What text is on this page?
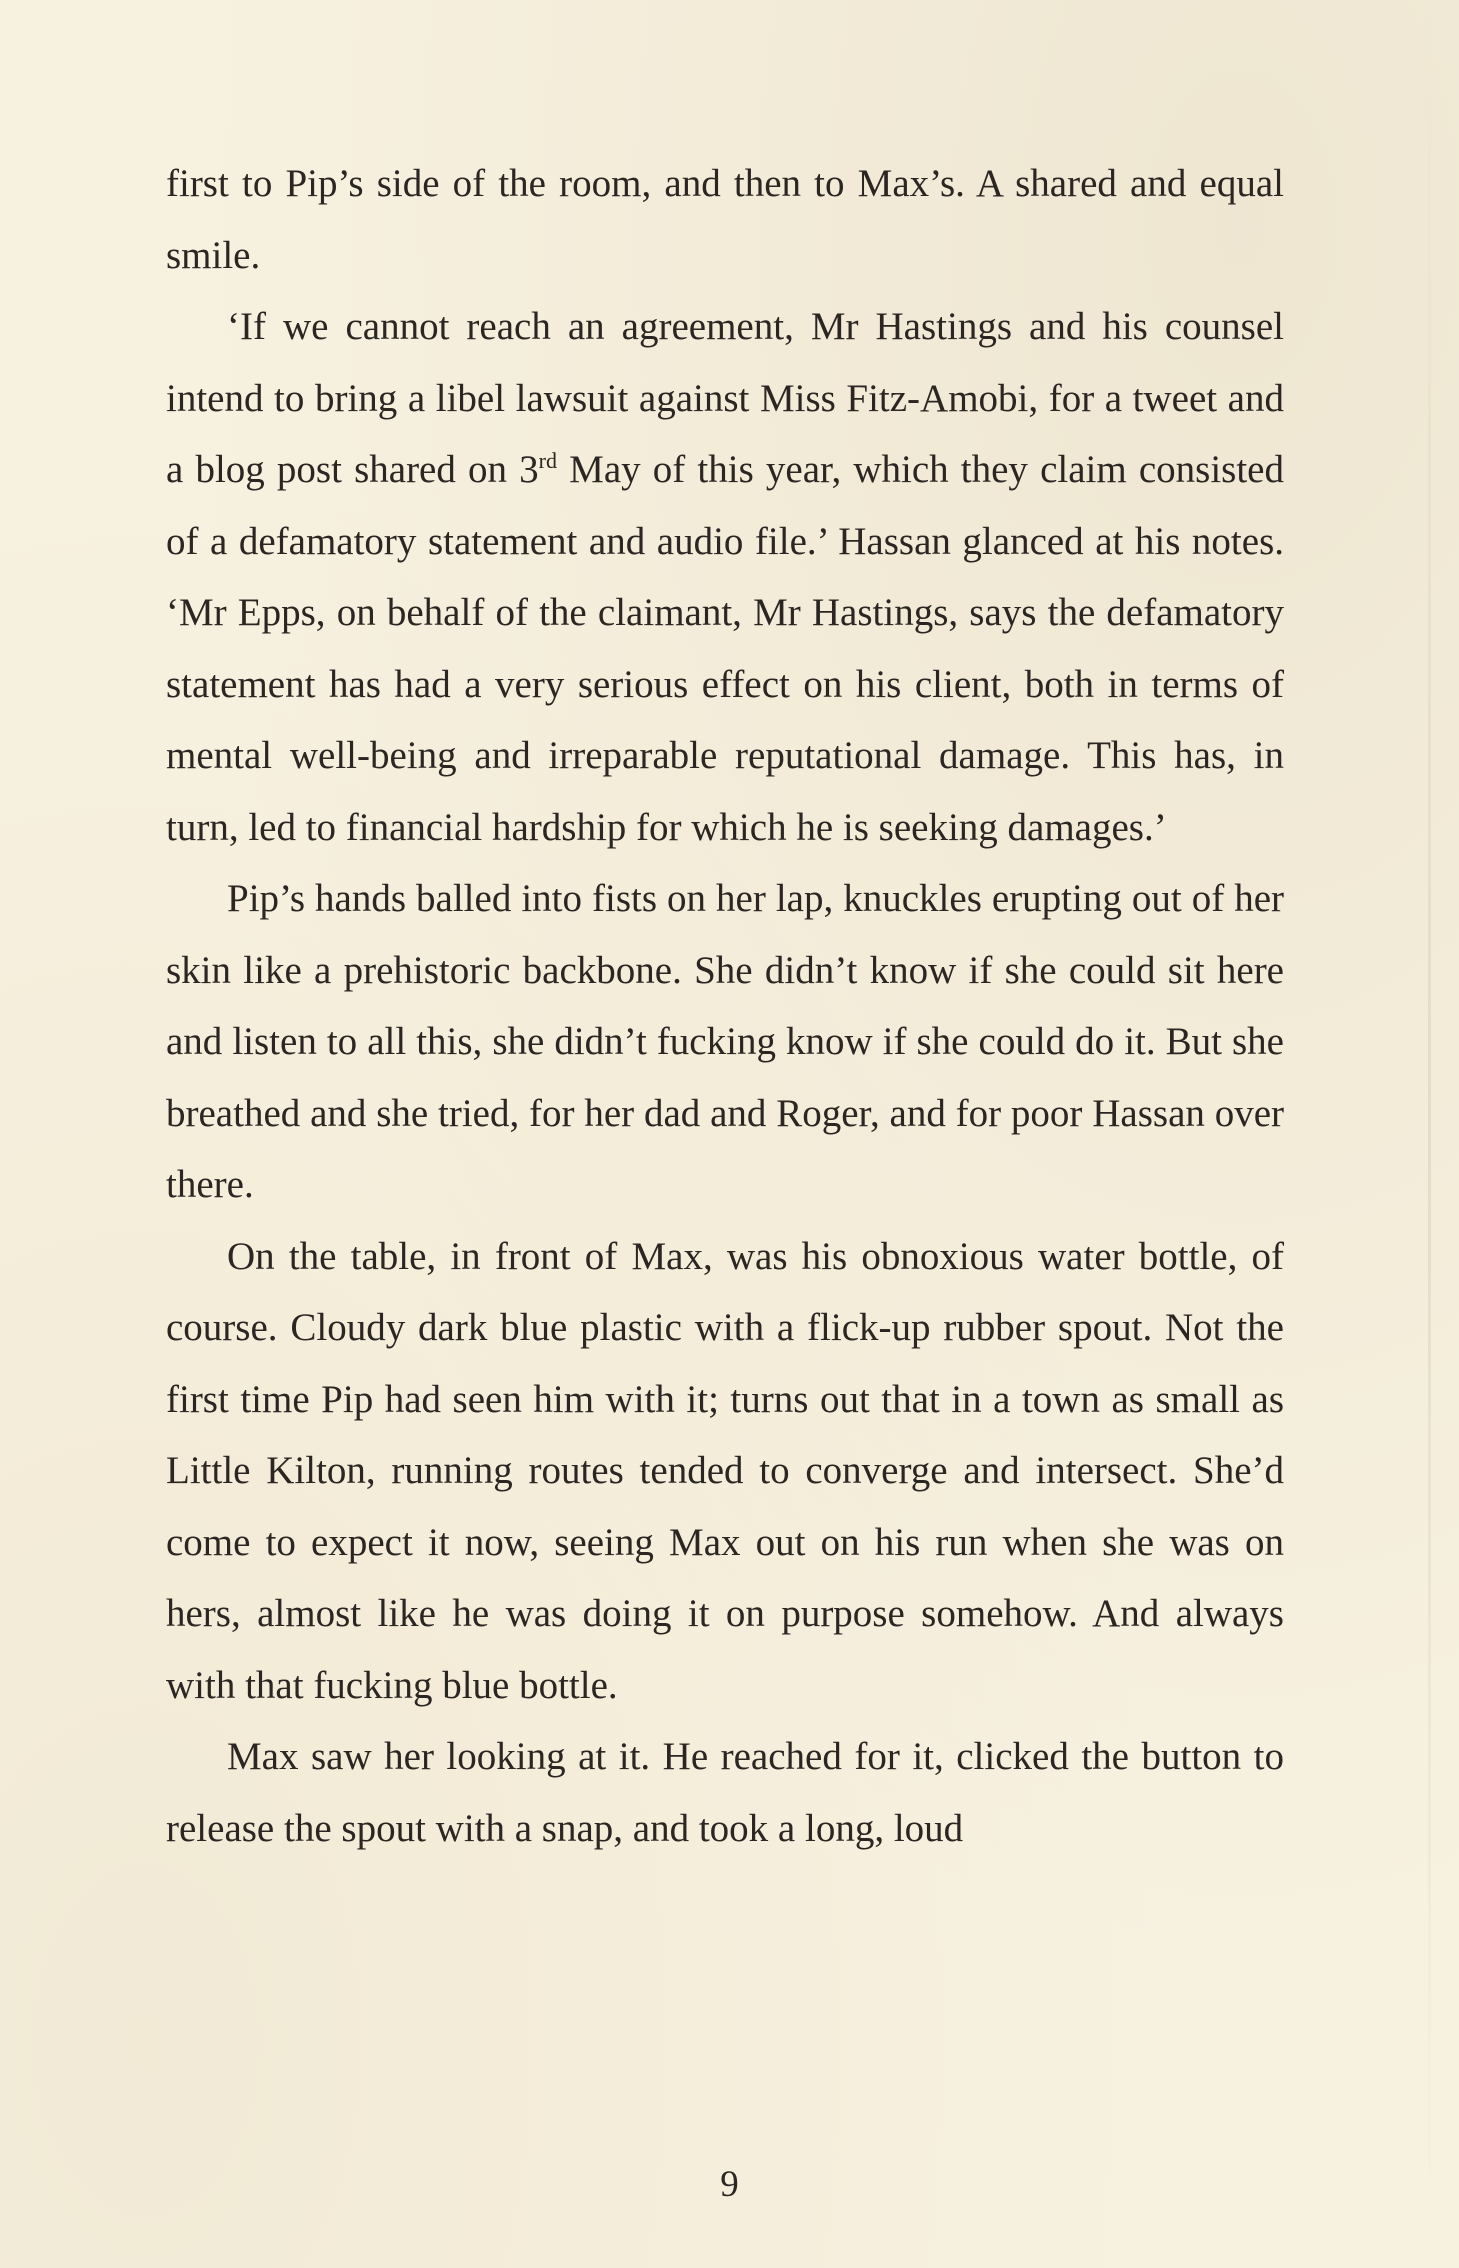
first to Pip’s side of the room, and then to Max’s. A shared and equal smile.

‘If we cannot reach an agreement, Mr Hastings and his counsel intend to bring a libel lawsuit against Miss Fitz-Amobi, for a tweet and a blog post shared on 3rd May of this year, which they claim consisted of a defamatory statement and audio file.’ Hassan glanced at his notes. ‘Mr Epps, on behalf of the claimant, Mr Hastings, says the defamatory statement has had a very serious effect on his client, both in terms of mental well-being and irreparable reputational damage. This has, in turn, led to financial hardship for which he is seeking damages.’

Pip’s hands balled into fists on her lap, knuckles erupting out of her skin like a prehistoric backbone. She didn’t know if she could sit here and listen to all this, she didn’t fucking know if she could do it. But she breathed and she tried, for her dad and Roger, and for poor Hassan over there.

On the table, in front of Max, was his obnoxious water bottle, of course. Cloudy dark blue plastic with a flick-up rubber spout. Not the first time Pip had seen him with it; turns out that in a town as small as Little Kilton, running routes tended to converge and intersect. She’d come to expect it now, seeing Max out on his run when she was on hers, almost like he was doing it on purpose somehow. And always with that fucking blue bottle.

Max saw her looking at it. He reached for it, clicked the button to release the spout with a snap, and took a long, loud

9
